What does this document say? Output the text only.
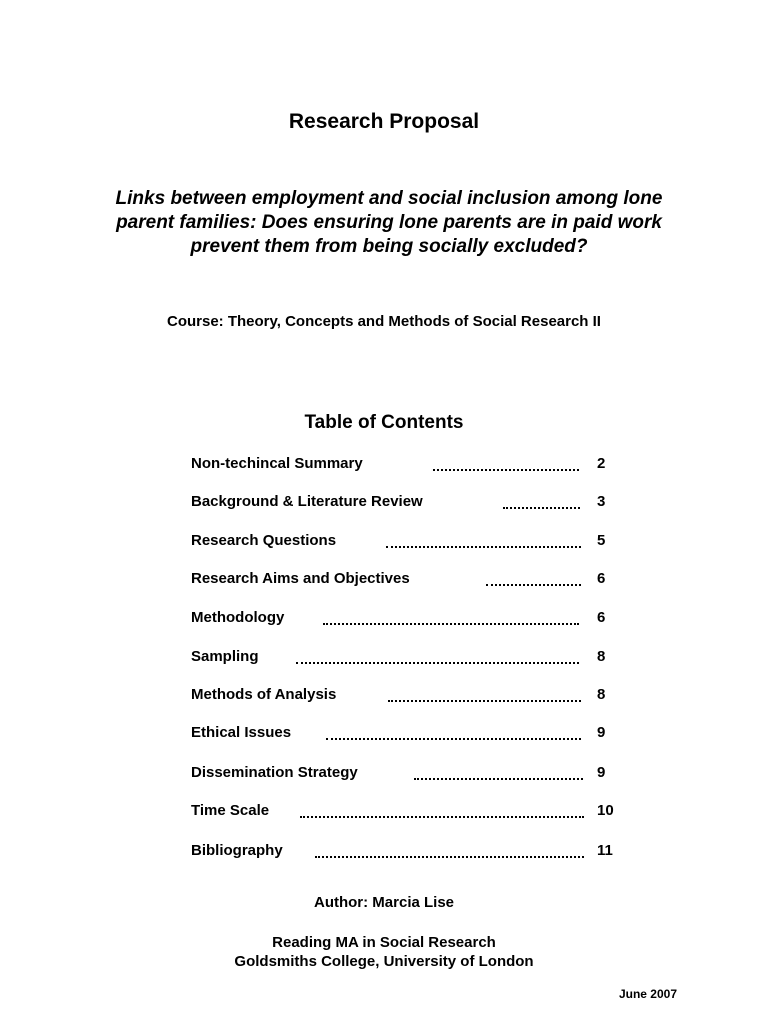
Research Proposal
Links between employment and social inclusion among lone parent families: Does ensuring lone parents are in paid work prevent them from being socially excluded?
Course: Theory, Concepts and Methods of Social Research II
Table of Contents
Non-techincal Summary	2
Background & Literature Review	3
Research Questions	5
Research Aims and Objectives	6
Methodology	6
Sampling	8
Methods of Analysis	8
Ethical Issues	9
Dissemination Strategy	9
Time Scale	10
Bibliography	11
Author: Marcia Lise
Reading MA in Social Research
Goldsmiths College, University of London
June 2007
